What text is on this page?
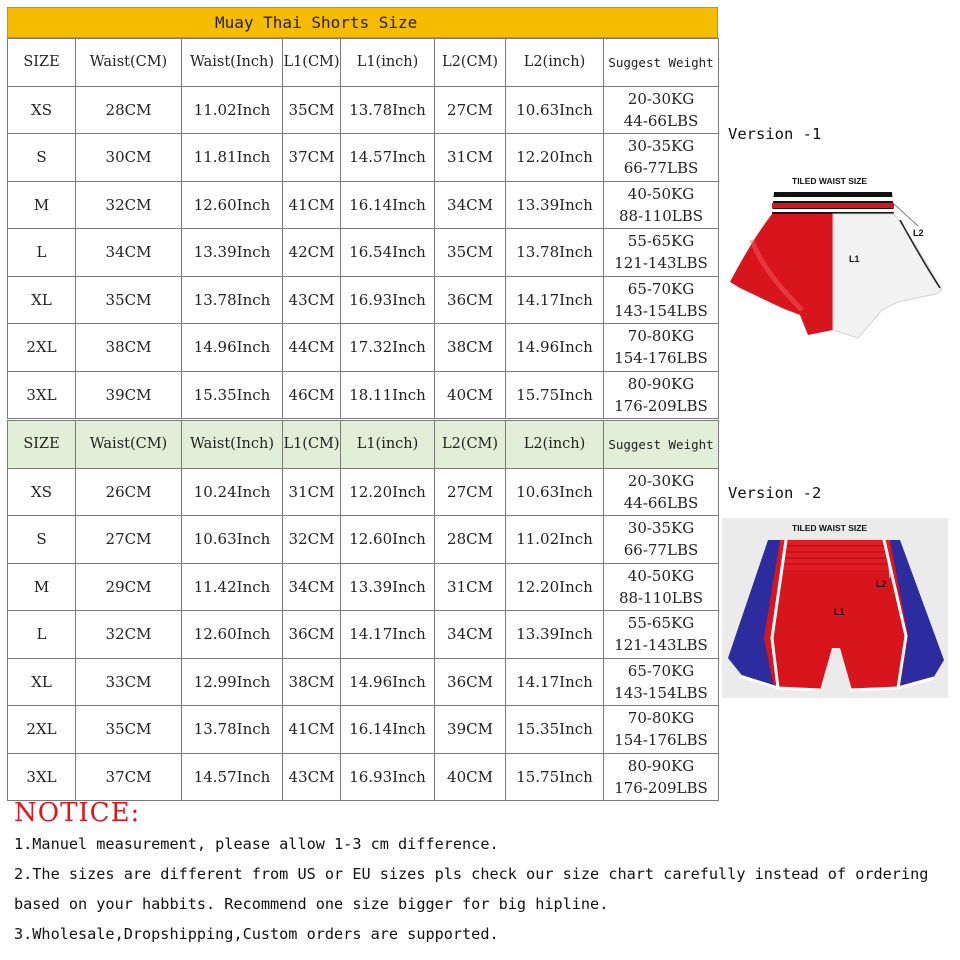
Muay Thai Shorts Size
SIZE	Waist(CM)	Waist(Inch)	L1(CM)	L1(inch)	L2(CM)	L2(inch)	Suggest Weight
XS	28CM	11.02Inch	35CM	13.78Inch	27CM	10.63Inch	20-30KG
44-66LBS

S	30CM	11.81Inch	37CM	14.57Inch	31CM	12.20Inch	30-35KG
66-77LBS

M	32CM	12.60Inch	41CM	16.14Inch	34CM	13.39Inch	40-50KG
88-110LBS

L	34CM	13.39Inch	42CM	16.54Inch	35CM	13.78Inch	55-65KG
121-143LBS

XL	35CM	13.78Inch	43CM	16.93Inch	36CM	14.17Inch	65-70KG
143-154LBS

2XL	38CM	14.96Inch	44CM	17.32Inch	38CM	14.96Inch	70-80KG
154-176LBS

3XL	39CM	15.35Inch	46CM	18.11Inch	40CM	15.75Inch	80-90KG
176-209LBS
SIZE	Waist(CM)	Waist(Inch)	L1(CM)	L1(inch)	L2(CM)	L2(inch)	Suggest Weight
XS	26CM	10.24Inch	31CM	12.20Inch	27CM	10.63Inch	20-30KG
44-66LBS

S	27CM	10.63Inch	32CM	12.60Inch	28CM	11.02Inch	30-35KG
66-77LBS

M	29CM	11.42Inch	34CM	13.39Inch	31CM	12.20Inch	40-50KG
88-110LBS

L	32CM	12.60Inch	36CM	14.17Inch	34CM	13.39Inch	55-65KG
121-143LBS

XL	33CM	12.99Inch	38CM	14.96Inch	36CM	14.17Inch	65-70KG
143-154LBS

2XL	35CM	13.78Inch	41CM	16.14Inch	39CM	15.35Inch	70-80KG
154-176LBS

3XL	37CM	14.57Inch	43CM	16.93Inch	40CM	15.75Inch	80-90KG
176-209LBS
Version -1
TILED WAIST SIZE
L2
L1
Version -2
TILED WAIST SIZE
L2
L1
NOTICE:
1.Manuel measurement, please allow 1-3 cm difference.
2.The sizes are different from US or EU sizes pls check our size chart carefully instead of ordering
based on your habbits. Recommend one size bigger for big hipline.
3.Wholesale,Dropshipping,Custom orders are supported.
